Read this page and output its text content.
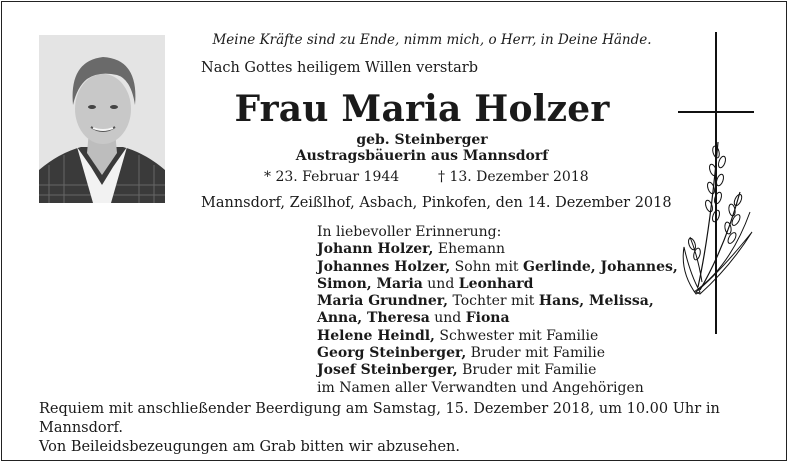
Meine Kräfte sind zu Ende, nimm mich, o Herr, in Deine Hände.
Nach Gottes heiligem Willen verstarb
Frau Maria Holzer
geb. Steinberger
Austragsbäuerin aus Mannsdorf
* 23. Februar 1944	† 13. Dezember 2018
Mannsdorf, Zeißlhof, Asbach, Pinkofen, den 14. Dezember 2018
In liebevoller Erinnerung:
Johann Holzer, Ehemann
Johannes Holzer, Sohn mit Gerlinde, Johannes,
Simon, Maria und Leonhard
Maria Grundner, Tochter mit Hans, Melissa,
Anna, Theresa und Fiona
Helene Heindl, Schwester mit Familie
Georg Steinberger, Bruder mit Familie
Josef Steinberger, Bruder mit Familie
im Namen aller Verwandten und Angehörigen
Requiem mit anschließender Beerdigung am Samstag, 15. Dezember 2018, um 10.00 Uhr in Mannsdorf.
Von Beileidsbezeugungen am Grab bitten wir abzusehen.
